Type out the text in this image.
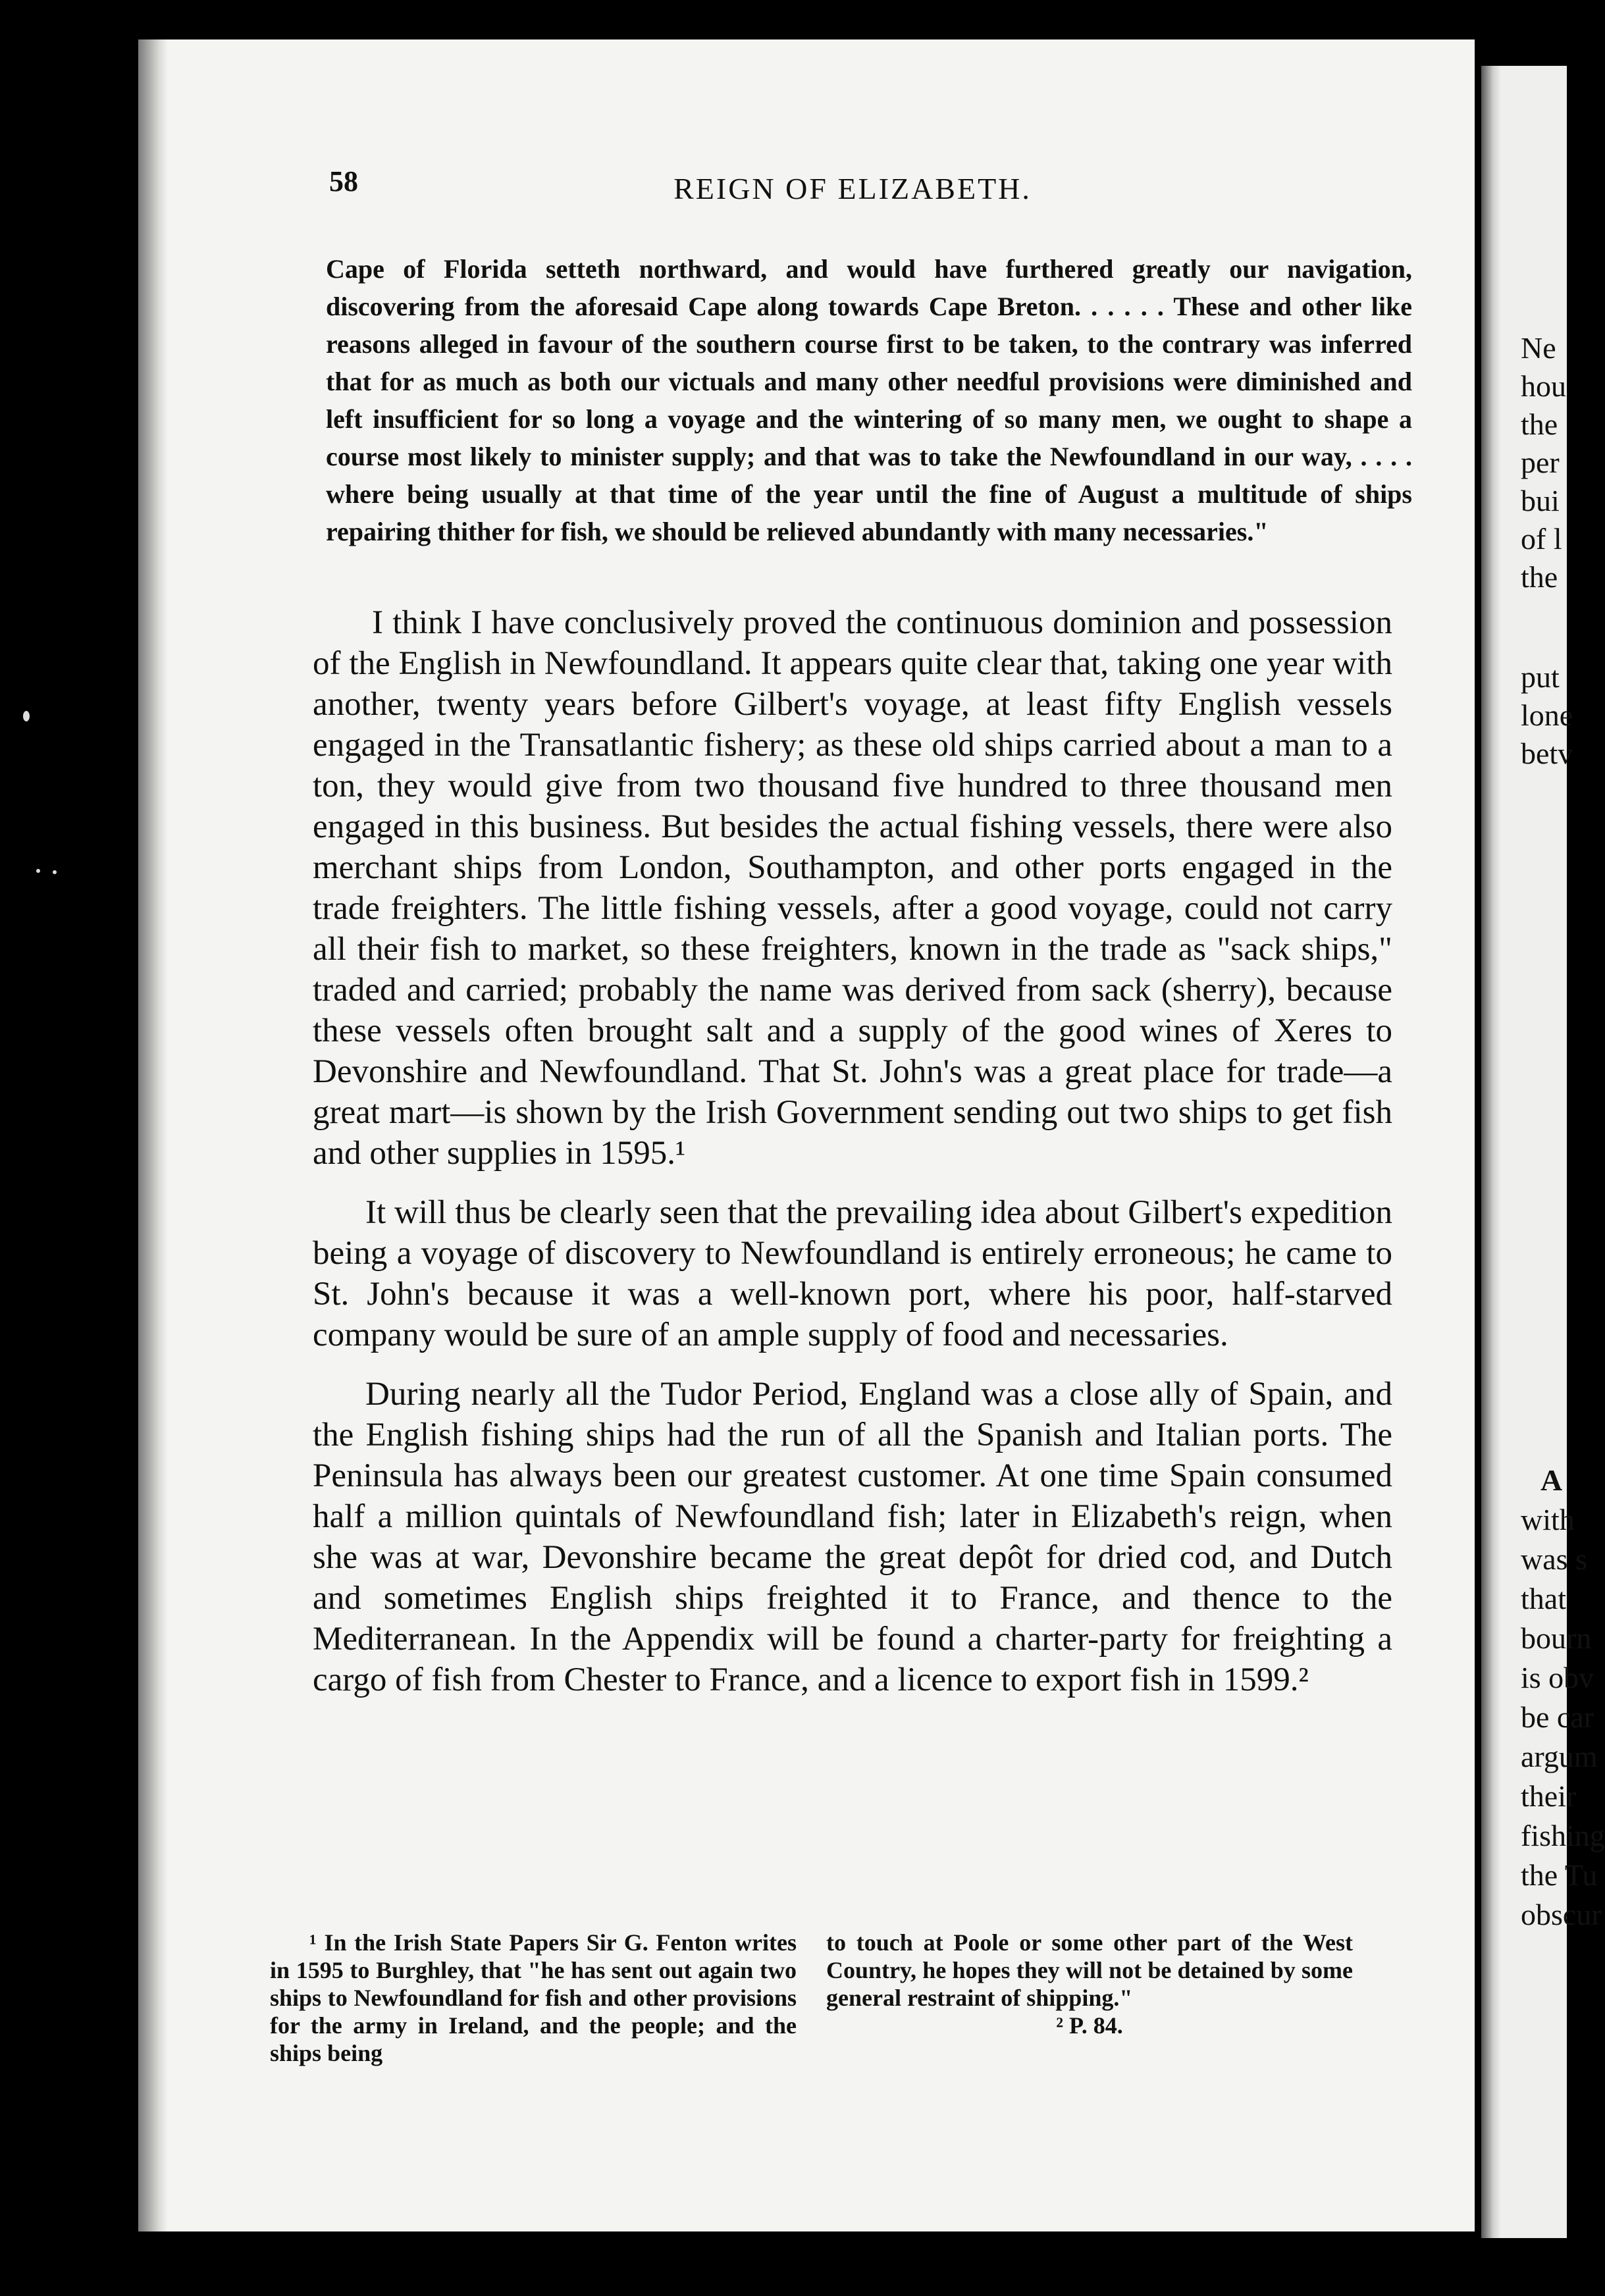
58	REIGN OF ELIZABETH.
Cape of Florida setteth northward, and would have furthered greatly our navigation, discovering from the aforesaid Cape along towards Cape Breton. . . . . . These and other like reasons alleged in favour of the southern course first to be taken, to the contrary was inferred that for as much as both our victuals and many other needful provisions were diminished and left insufficient for so long a voyage and the wintering of so many men, we ought to shape a course most likely to minister supply; and that was to take the Newfoundland in our way, . . . . where being usually at that time of the year until the fine of August a multitude of ships repairing thither for fish, we should be relieved abundantly with many necessaries."

I think I have conclusively proved the continuous dominion and possession of the English in Newfoundland. It appears quite clear that, taking one year with another, twenty years before Gilbert's voyage, at least fifty English vessels engaged in the Transatlantic fishery; as these old ships carried about a man to a ton, they would give from two thousand five hundred to three thousand men engaged in this business. But besides the actual fishing vessels, there were also merchant ships from London, Southampton, and other ports engaged in the trade freighters. The little fishing vessels, after a good voyage, could not carry all their fish to market, so these freighters, known in the trade as "sack ships," traded and carried; probably the name was derived from sack (sherry), because these vessels often brought salt and a supply of the good wines of Xeres to Devonshire and Newfoundland. That St. John's was a great place for trade—a great mart—is shown by the Irish Government sending out two ships to get fish and other supplies in 1595.¹

It will thus be clearly seen that the prevailing idea about Gilbert's expedition being a voyage of discovery to Newfoundland is entirely erroneous; he came to St. John's because it was a well-known port, where his poor, half-starved company would be sure of an ample supply of food and necessaries.

During nearly all the Tudor Period, England was a close ally of Spain, and the English fishing ships had the run of all the Spanish and Italian ports. The Peninsula has always been our greatest customer. At one time Spain consumed half a million quintals of Newfoundland fish; later in Elizabeth's reign, when she was at war, Devonshire became the great depôt for dried cod, and Dutch and sometimes English ships freighted it to France, and thence to the Mediterranean. In the Appendix will be found a charter-party for freighting a cargo of fish from Chester to France, and a licence to export fish in 1599.²

¹ In the Irish State Papers Sir G. Fenton writes in 1595 to Burghley, that "he has sent out again two ships to Newfoundland for fish and other provisions for the army in Ireland, and the people; and the ships being

to touch at Poole or some other part of the West Country, he hopes they will not be detained by some general restraint of shipping."

² P. 84.
Ne
hou
the
per
bui
of l
the
put
lone
betv
A
with
was s
that
bourn
is obv
be car
argum
their
fishing
the Tu
obscur
